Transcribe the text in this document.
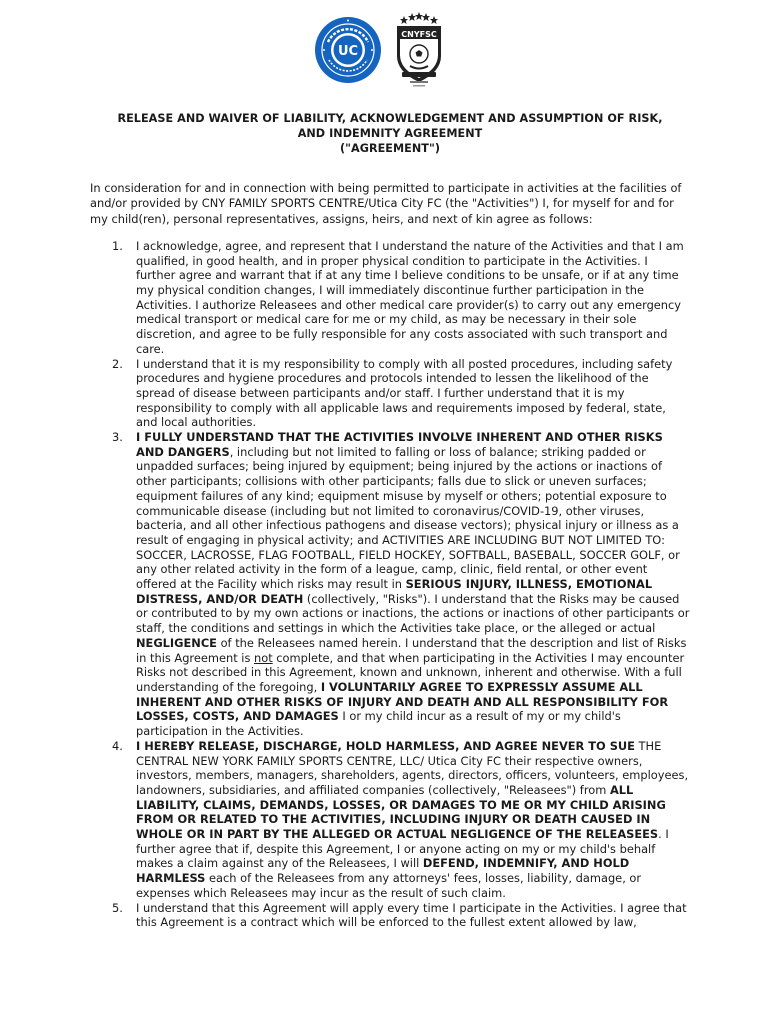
UC
CNYFSC
RELEASE AND WAIVER OF LIABILITY, ACKNOWLEDGEMENT AND ASSUMPTION OF RISK,
AND INDEMNITY AGREEMENT
("AGREEMENT")

In consideration for and in connection with being permitted to participate in activities at the facilities of and/or provided by CNY FAMILY SPORTS CENTRE/Utica City FC (the "Activities") I, for myself for and for my child(ren), personal representatives, assigns, heirs, and next of kin agree as follows:

1. I acknowledge, agree, and represent that I understand the nature of the Activities and that I am qualified, in good health, and in proper physical condition to participate in the Activities. I further agree and warrant that if at any time I believe conditions to be unsafe, or if at any time my physical condition changes, I will immediately discontinue further participation in the Activities. I authorize Releasees and other medical care provider(s) to carry out any emergency medical transport or medical care for me or my child, as may be necessary in their sole discretion, and agree to be fully responsible for any costs associated with such transport and care.
2. I understand that it is my responsibility to comply with all posted procedures, including safety procedures and hygiene procedures and protocols intended to lessen the likelihood of the spread of disease between participants and/or staff. I further understand that it is my responsibility to comply with all applicable laws and requirements imposed by federal, state, and local authorities.
3. I FULLY UNDERSTAND THAT THE ACTIVITIES INVOLVE INHERENT AND OTHER RISKS AND DANGERS, including but not limited to falling or loss of balance; striking padded or unpadded surfaces; being injured by equipment; being injured by the actions or inactions of other participants; collisions with other participants; falls due to slick or uneven surfaces; equipment failures of any kind; equipment misuse by myself or others; potential exposure to communicable disease (including but not limited to coronavirus/COVID-19, other viruses, bacteria, and all other infectious pathogens and disease vectors); physical injury or illness as a result of engaging in physical activity; and ACTIVITIES ARE INCLUDING BUT NOT LIMITED TO: SOCCER, LACROSSE, FLAG FOOTBALL, FIELD HOCKEY, SOFTBALL, BASEBALL, SOCCER GOLF, or any other related activity in the form of a league, camp, clinic, field rental, or other event offered at the Facility which risks may result in SERIOUS INJURY, ILLNESS, EMOTIONAL DISTRESS, AND/OR DEATH (collectively, "Risks"). I understand that the Risks may be caused or contributed to by my own actions or inactions, the actions or inactions of other participants or staff, the conditions and settings in which the Activities take place, or the alleged or actual NEGLIGENCE of the Releasees named herein. I understand that the description and list of Risks in this Agreement is not complete, and that when participating in the Activities I may encounter Risks not described in this Agreement, known and unknown, inherent and otherwise. With a full understanding of the foregoing, I VOLUNTARILY AGREE TO EXPRESSLY ASSUME ALL INHERENT AND OTHER RISKS OF INJURY AND DEATH AND ALL RESPONSIBILITY FOR LOSSES, COSTS, AND DAMAGES I or my child incur as a result of my or my child's participation in the Activities.
4. I HEREBY RELEASE, DISCHARGE, HOLD HARMLESS, AND AGREE NEVER TO SUE THE CENTRAL NEW YORK FAMILY SPORTS CENTRE, LLC/ Utica City FC their respective owners, investors, members, managers, shareholders, agents, directors, officers, volunteers, employees, landowners, subsidiaries, and affiliated companies (collectively, "Releasees") from ALL LIABILITY, CLAIMS, DEMANDS, LOSSES, OR DAMAGES TO ME OR MY CHILD ARISING FROM OR RELATED TO THE ACTIVITIES, INCLUDING INJURY OR DEATH CAUSED IN WHOLE OR IN PART BY THE ALLEGED OR ACTUAL NEGLIGENCE OF THE RELEASEES. I further agree that if, despite this Agreement, I or anyone acting on my or my child's behalf makes a claim against any of the Releasees, I will DEFEND, INDEMNIFY, AND HOLD HARMLESS each of the Releasees from any attorneys' fees, losses, liability, damage, or expenses which Releasees may incur as the result of such claim.
5. I understand that this Agreement will apply every time I participate in the Activities. I agree that this Agreement is a contract which will be enforced to the fullest extent allowed by law,
